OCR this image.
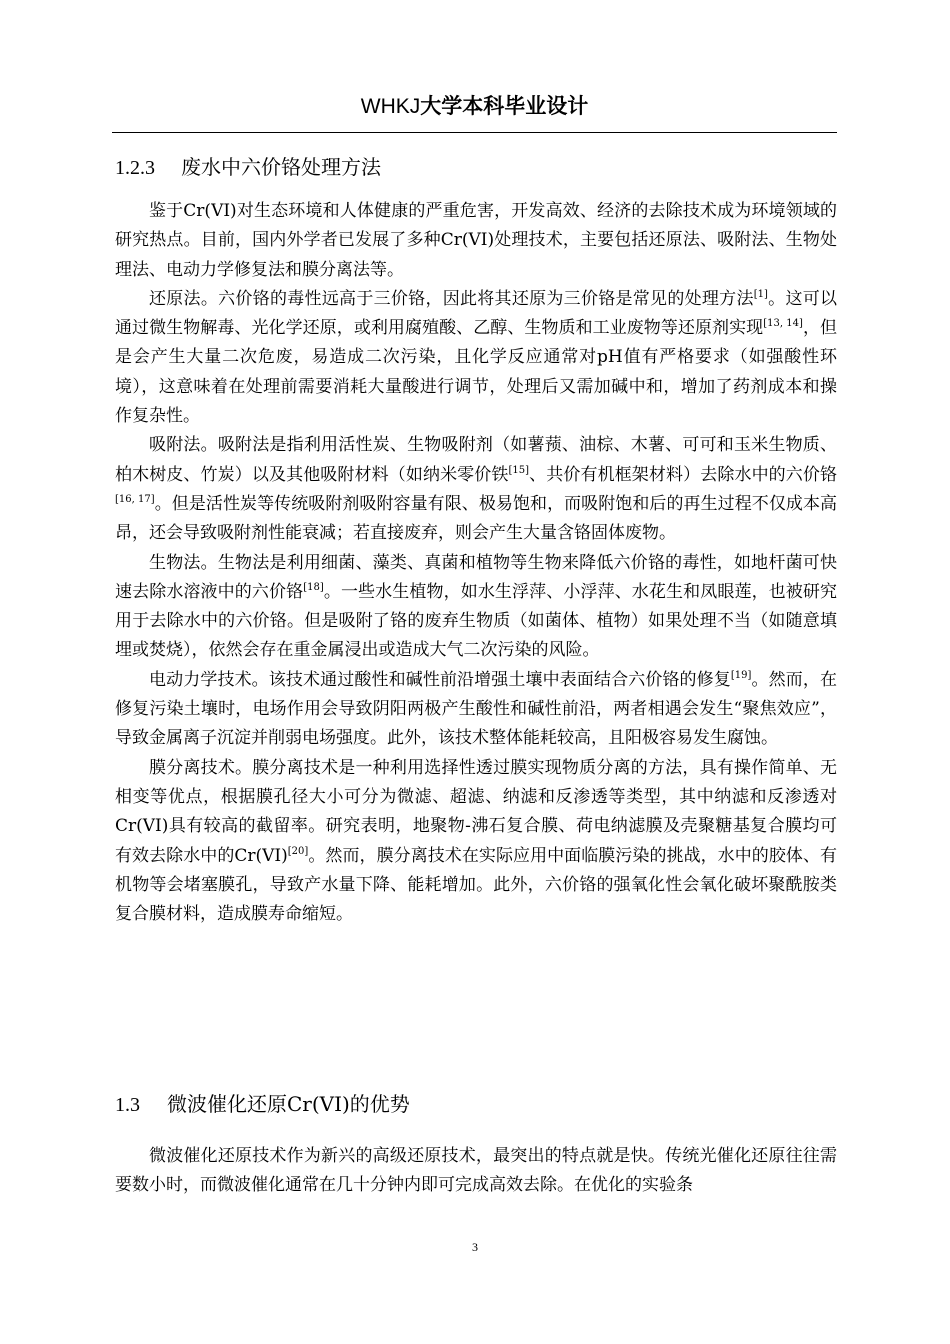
WHKJ大学本科毕业设计
1.2.3 废水中六价铬处理方法

鉴于Cr(VI)对生态环境和人体健康的严重危害，开发高效、经济的去除技术成为环境领域的研究热点。目前，国内外学者已发展了多种Cr(VI)处理技术，主要包括还原法、吸附法、生物处理法、电动力学修复法和膜分离法等。

还原法。六价铬的毒性远高于三价铬，因此将其还原为三价铬是常见的处理方法[1]。这可以通过微生物解毒、光化学还原，或利用腐殖酸、乙醇、生物质和工业废物等还原剂实现[13, 14]，但是会产生大量二次危废，易造成二次污染，且化学反应通常对pH值有严格要求（如强酸性环境），这意味着在处理前需要消耗大量酸进行调节，处理后又需加碱中和，增加了药剂成本和操作复杂性。

吸附法。吸附法是指利用活性炭、生物吸附剂（如薯蓣、油棕、木薯、可可和玉米生物质、柏木树皮、竹炭）以及其他吸附材料（如纳米零价铁[15]、共价有机框架材料）去除水中的六价铬[16, 17]。但是活性炭等传统吸附剂吸附容量有限、极易饱和，而吸附饱和后的再生过程不仅成本高昂，还会导致吸附剂性能衰减；若直接废弃，则会产生大量含铬固体废物。

生物法。生物法是利用细菌、藻类、真菌和植物等生物来降低六价铬的毒性，如地杆菌可快速去除水溶液中的六价铬[18]。一些水生植物，如水生浮萍、小浮萍、水花生和凤眼莲，也被研究用于去除水中的六价铬。但是吸附了铬的废弃生物质（如菌体、植物）如果处理不当（如随意填埋或焚烧），依然会存在重金属浸出或造成大气二次污染的风险。

电动力学技术。该技术通过酸性和碱性前沿增强土壤中表面结合六价铬的修复[19]。然而，在修复污染土壤时，电场作用会导致阴阳两极产生酸性和碱性前沿，两者相遇会发生“聚焦效应”，导致金属离子沉淀并削弱电场强度。此外，该技术整体能耗较高，且阳极容易发生腐蚀。

膜分离技术。膜分离技术是一种利用选择性透过膜实现物质分离的方法，具有操作简单、无相变等优点，根据膜孔径大小可分为微滤、超滤、纳滤和反渗透等类型，其中纳滤和反渗透对Cr(VI)具有较高的截留率。研究表明，地聚物-沸石复合膜、荷电纳滤膜及壳聚糖基复合膜均可有效去除水中的Cr(VI)[20]。然而，膜分离技术在实际应用中面临膜污染的挑战，水中的胶体、有机物等会堵塞膜孔，导致产水量下降、能耗增加。此外，六价铬的强氧化性会氧化破坏聚酰胺类复合膜材料，造成膜寿命缩短。

1.3 微波催化还原Cr(VI)的优势

微波催化还原技术作为新兴的高级还原技术，最突出的特点就是快。传统光催化还原往往需要数小时，而微波催化通常在几十分钟内即可完成高效去除。在优化的实验条

3
